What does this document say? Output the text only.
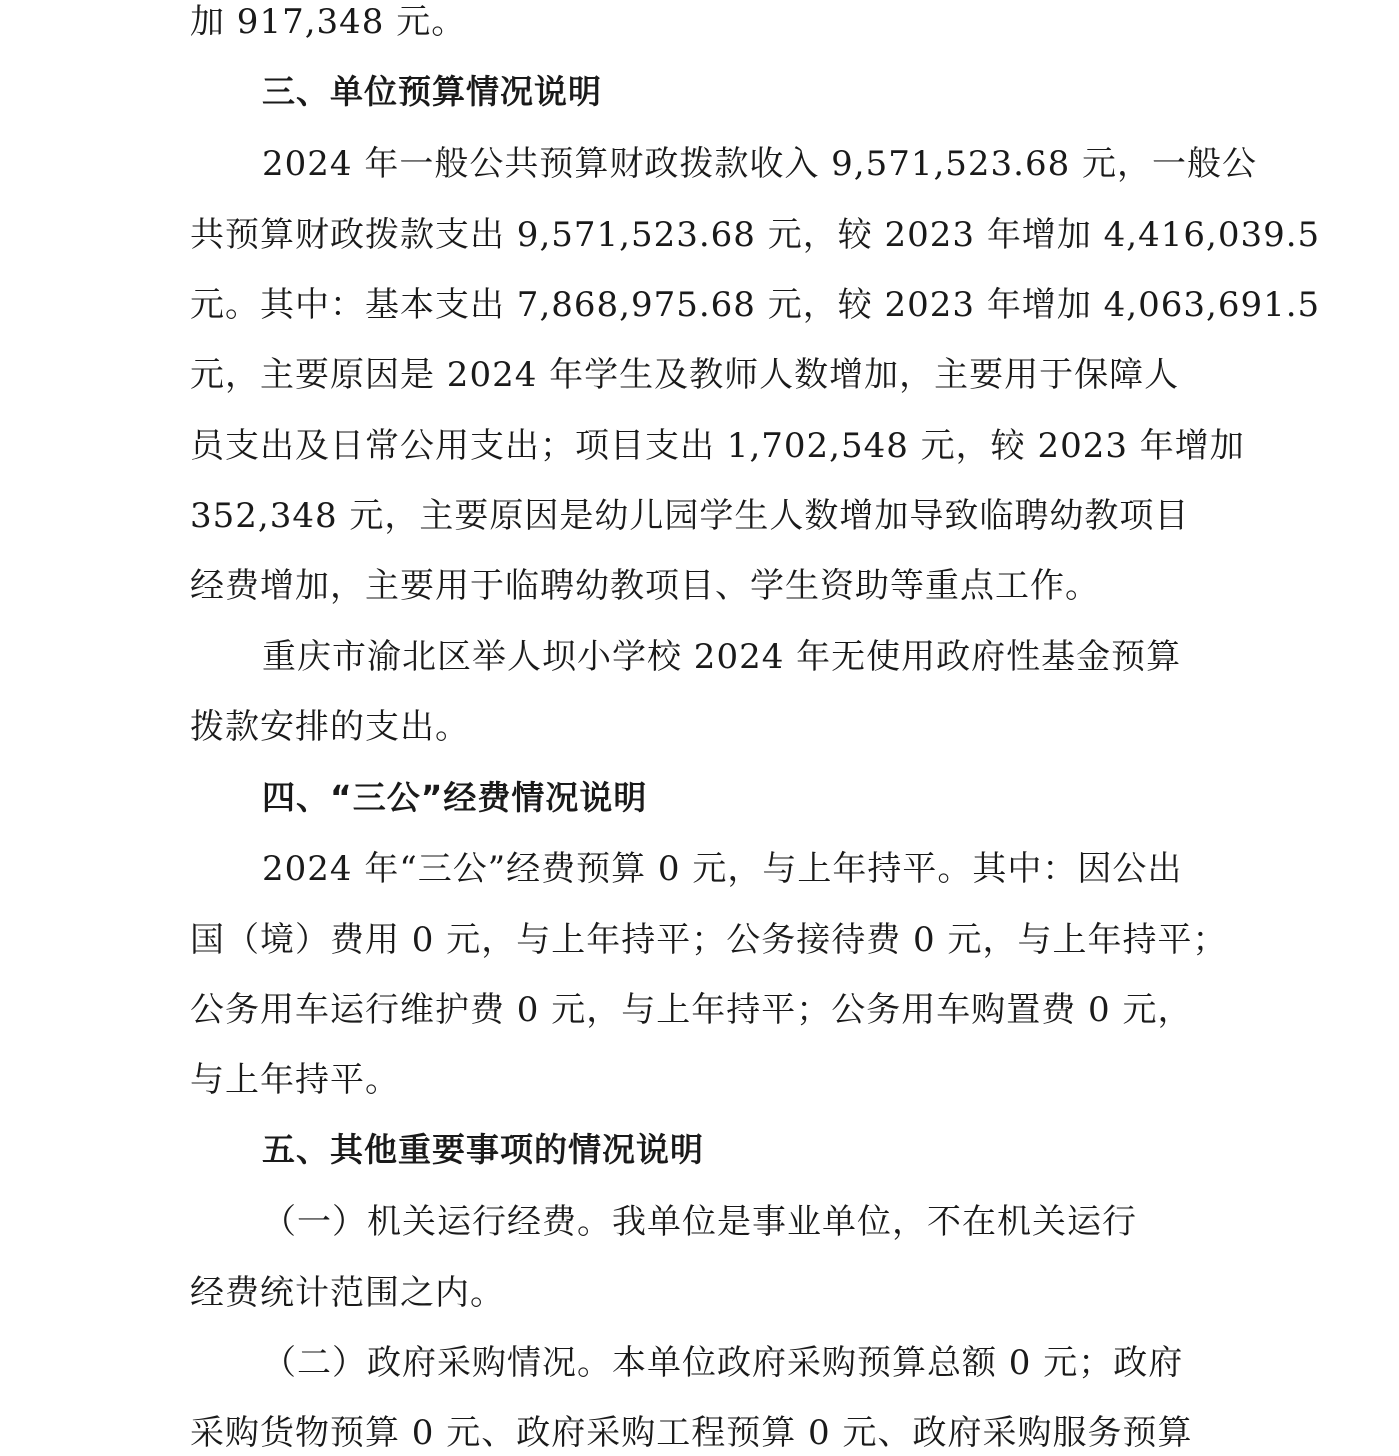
加 917,348 元。
三、单位预算情况说明
2024 年一般公共预算财政拨款收入 9,571,523.68 元，一般公
共预算财政拨款支出 9,571,523.68 元，较 2023 年增加 4,416,039.5
元。其中：基本支出 7,868,975.68 元，较 2023 年增加 4,063,691.5
元，主要原因是 2024 年学生及教师人数增加，主要用于保障人
员支出及日常公用支出；项目支出 1,702,548 元，较 2023 年增加
352,348 元，主要原因是幼儿园学生人数增加导致临聘幼教项目
经费增加，主要用于临聘幼教项目、学生资助等重点工作。
重庆市渝北区举人坝小学校 2024 年无使用政府性基金预算
拨款安排的支出。
四、“三公”经费情况说明
2024 年“三公”经费预算 0 元，与上年持平。其中：因公出
国（境）费用 0 元，与上年持平；公务接待费 0 元，与上年持平；
公务用车运行维护费 0 元，与上年持平；公务用车购置费 0 元，
与上年持平。
五、其他重要事项的情况说明
（一）机关运行经费。我单位是事业单位，不在机关运行
经费统计范围之内。
（二）政府采购情况。本单位政府采购预算总额 0 元；政府
采购货物预算 0 元、政府采购工程预算 0 元、政府采购服务预算
